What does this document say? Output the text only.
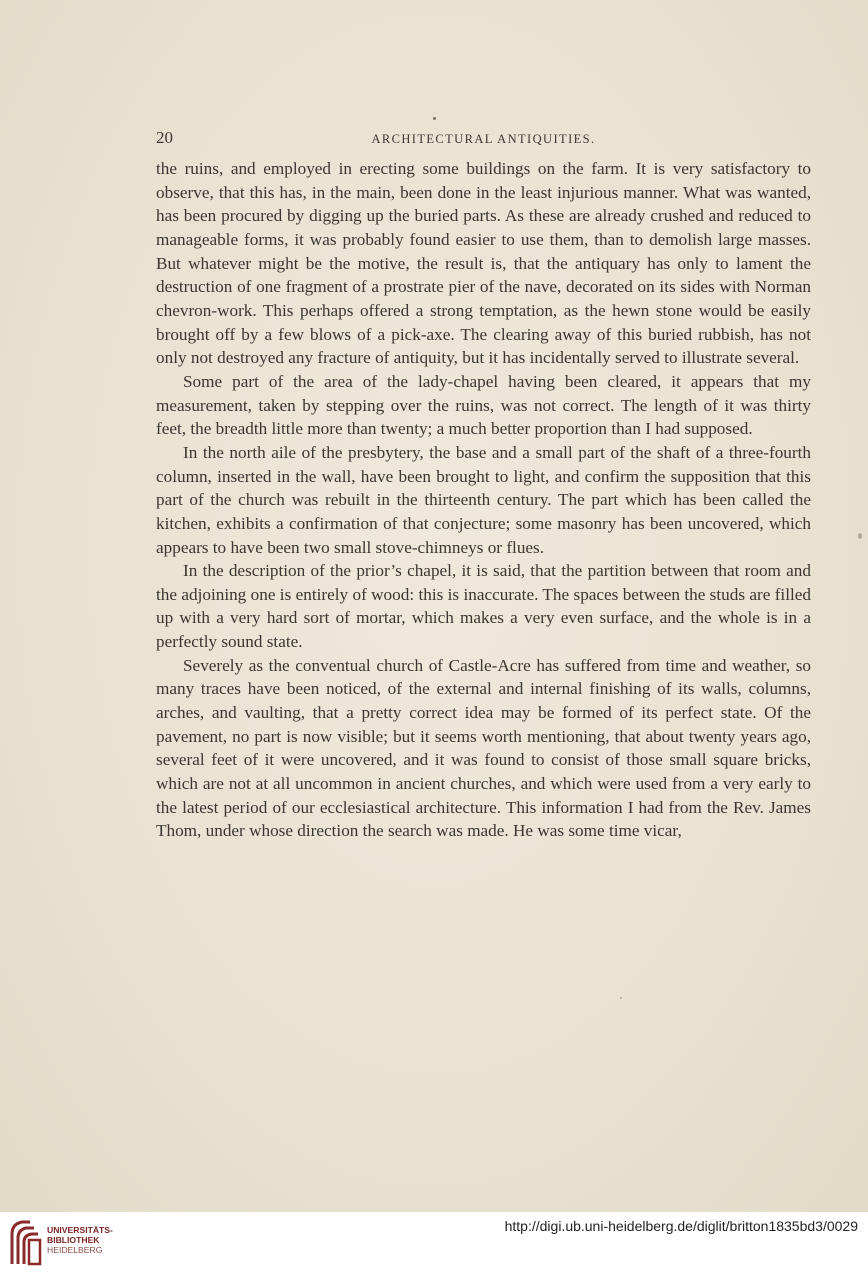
20	ARCHITECTURAL ANTIQUITIES.

the ruins, and employed in erecting some buildings on the farm. It is very satisfactory to observe, that this has, in the main, been done in the least injurious manner. What was wanted, has been procured by digging up the buried parts. As these are already crushed and reduced to manageable forms, it was probably found easier to use them, than to demolish large masses. But whatever might be the motive, the result is, that the antiquary has only to lament the destruction of one fragment of a prostrate pier of the nave, decorated on its sides with Norman chevron-work. This perhaps offered a strong temptation, as the hewn stone would be easily brought off by a few blows of a pick-axe. The clearing away of this buried rubbish, has not only not destroyed any fracture of antiquity, but it has incidentally served to illustrate several.

Some part of the area of the lady-chapel having been cleared, it appears that my measurement, taken by stepping over the ruins, was not correct. The length of it was thirty feet, the breadth little more than twenty; a much better proportion than I had supposed.

In the north aile of the presbytery, the base and a small part of the shaft of a three-fourth column, inserted in the wall, have been brought to light, and confirm the supposition that this part of the church was rebuilt in the thirteenth century. The part which has been called the kitchen, exhibits a confirmation of that conjecture; some masonry has been uncovered, which appears to have been two small stove-chimneys or flues.

In the description of the prior’s chapel, it is said, that the partition between that room and the adjoining one is entirely of wood: this is inaccurate. The spaces between the studs are filled up with a very hard sort of mortar, which makes a very even surface, and the whole is in a perfectly sound state.

Severely as the conventual church of Castle-Acre has suffered from time and weather, so many traces have been noticed, of the external and internal finishing of its walls, columns, arches, and vaulting, that a pretty correct idea may be formed of its perfect state. Of the pavement, no part is now visible; but it seems worth mentioning, that about twenty years ago, several feet of it were uncovered, and it was found to consist of those small square bricks, which are not at all uncommon in ancient churches, and which were used from a very early to the latest period of our ecclesiastical architecture. This information I had from the Rev. James Thom, under whose direction the search was made. He was some time vicar,

UNIVERSITÄTS-
BIBLIOTHEK
HEIDELBERG
http://digi.ub.uni-heidelberg.de/diglit/britton1835bd3/0029
